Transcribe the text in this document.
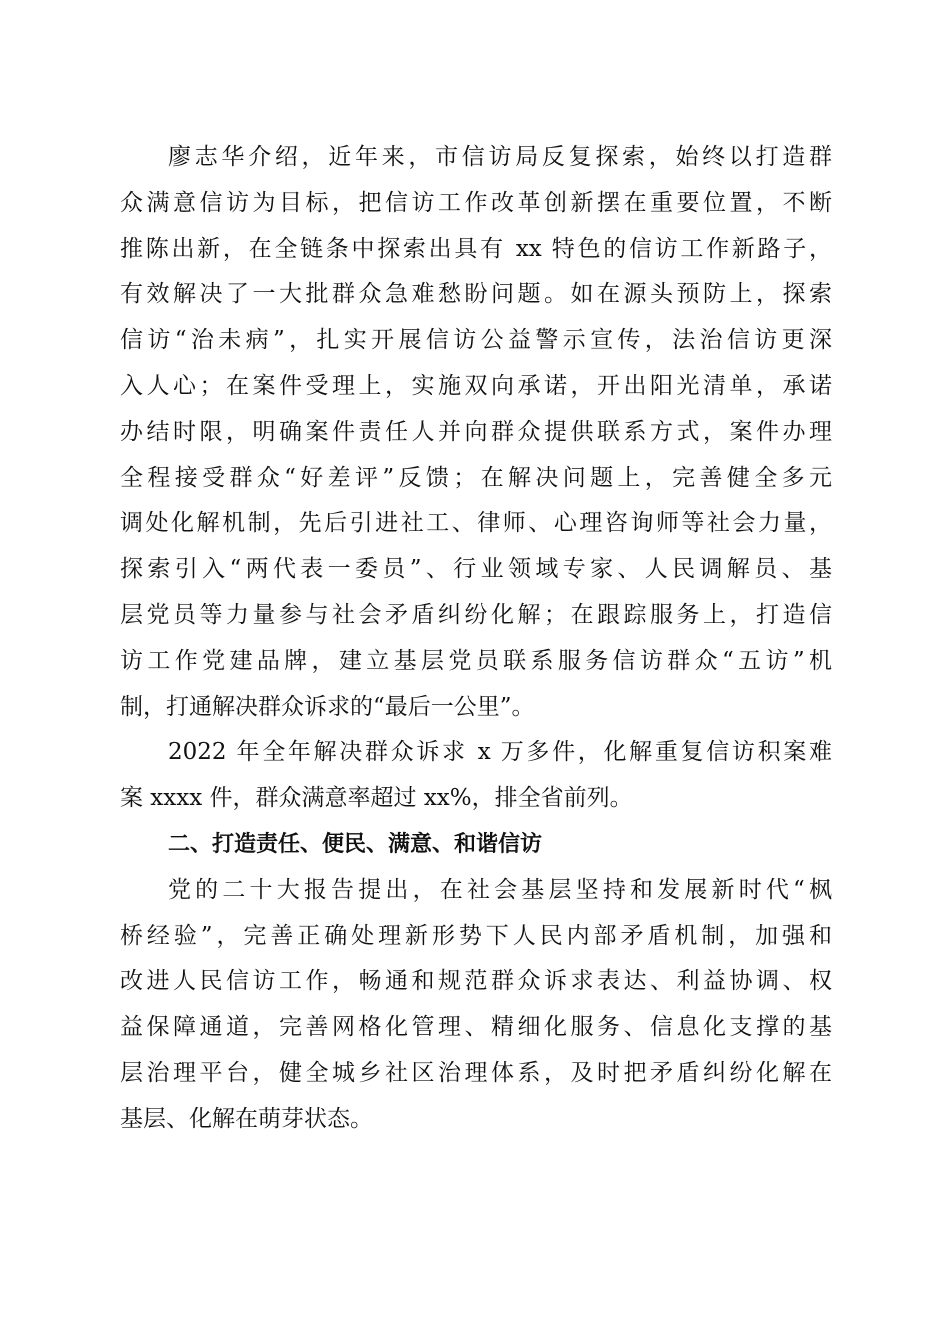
廖志华介绍，近年来，市信访局反复探索，始终以打造群
众满意信访为目标，把信访工作改革创新摆在重要位置，不断
推陈出新，在全链条中探索出具有 xx 特色的信访工作新路子，
有效解决了一大批群众急难愁盼问题。如在源头预防上，探索
信访“治未病”，扎实开展信访公益警示宣传，法治信访更深
入人心；在案件受理上，实施双向承诺，开出阳光清单，承诺
办结时限，明确案件责任人并向群众提供联系方式，案件办理
全程接受群众“好差评”反馈；在解决问题上，完善健全多元
调处化解机制，先后引进社工、律师、心理咨询师等社会力量，
探索引入“两代表一委员”、行业领域专家、人民调解员、基
层党员等力量参与社会矛盾纠纷化解；在跟踪服务上，打造信
访工作党建品牌，建立基层党员联系服务信访群众“五访”机
制，打通解决群众诉求的“最后一公里”。
2022 年全年解决群众诉求 x 万多件，化解重复信访积案难
案 xxxx 件，群众满意率超过 xx%，排全省前列。
二、打造责任、便民、满意、和谐信访
党的二十大报告提出，在社会基层坚持和发展新时代“枫
桥经验”，完善正确处理新形势下人民内部矛盾机制，加强和
改进人民信访工作，畅通和规范群众诉求表达、利益协调、权
益保障通道，完善网格化管理、精细化服务、信息化支撑的基
层治理平台，健全城乡社区治理体系，及时把矛盾纠纷化解在
基层、化解在萌芽状态。
